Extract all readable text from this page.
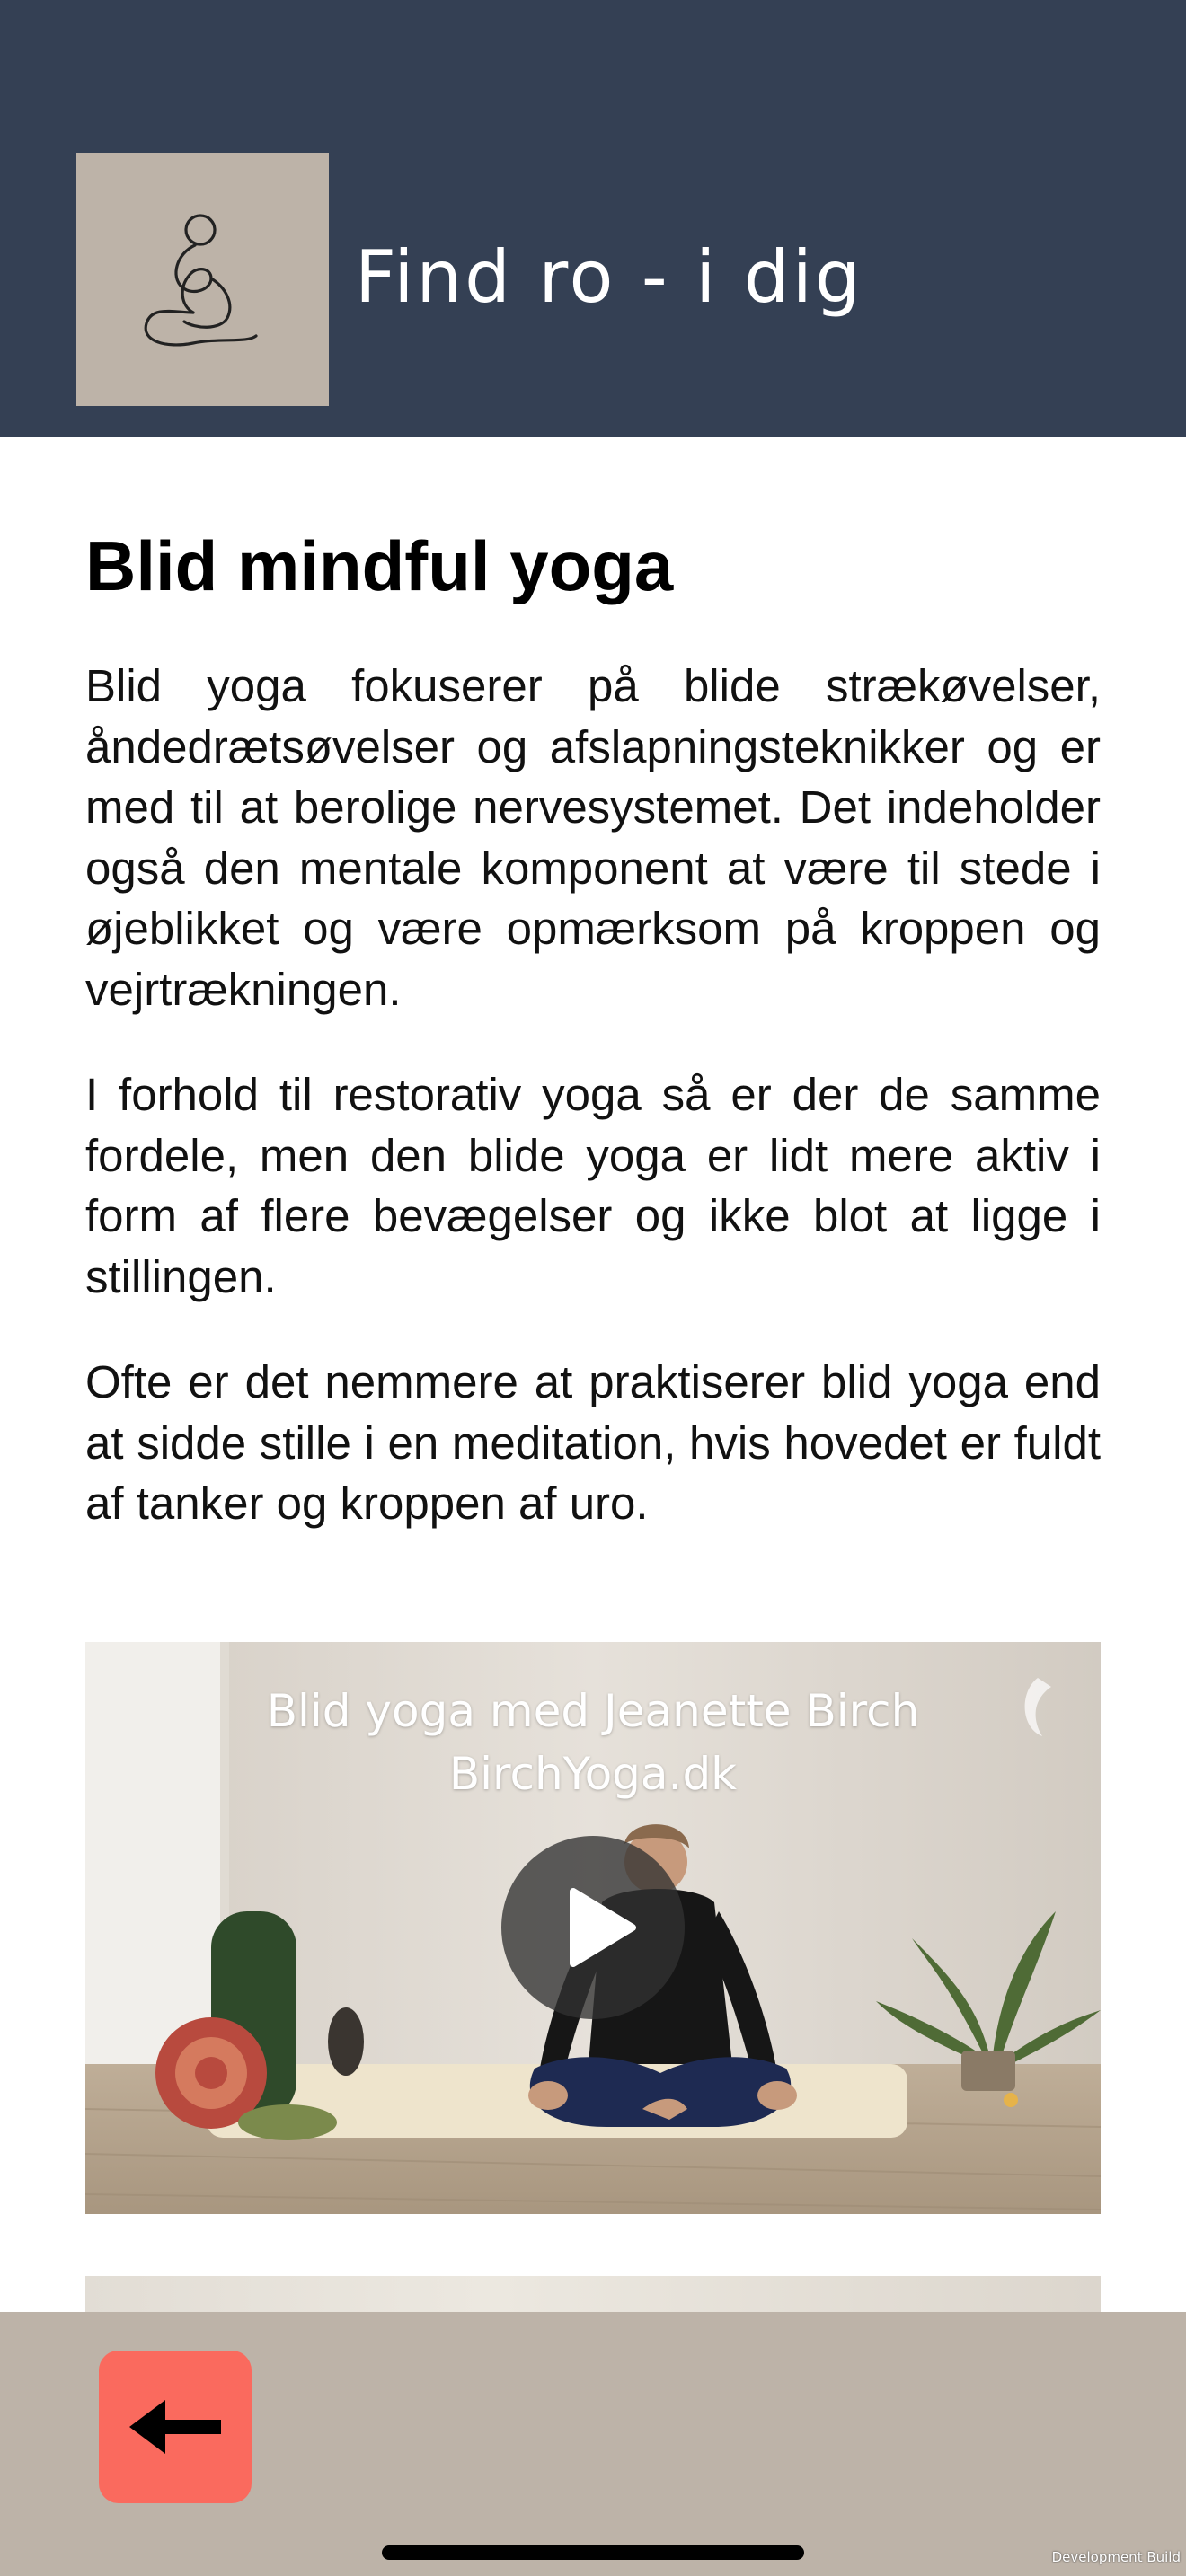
Find ro - i dig
Blid mindful yoga

Blid yoga fokuserer på blide strækøvelser, åndedrætsøvelser og afslapningsteknikker og er med til at berolige nervesystemet. Det indeholder også den mentale komponent at være til stede i øjeblikket og være opmærksom på kroppen og vejrtrækningen.

I forhold til restorativ yoga så er der de samme fordele, men den blide yoga er lidt mere aktiv i form af flere bevægelser og ikke blot at ligge i stillingen.

Ofte er det nemmere at praktiserer blid yoga end at sidde stille i en meditation, hvis hovedet er fuldt af tanker og kroppen af uro.

Blid yoga med Jeanette Birch
BirchYoga.dk
Development Build
